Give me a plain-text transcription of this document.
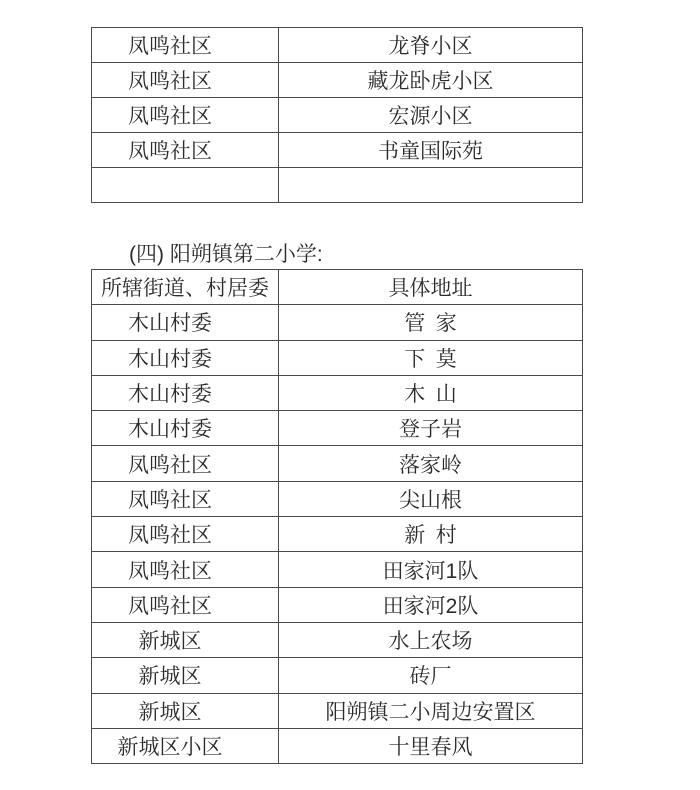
凤鸣社区	龙脊小区
凤鸣社区	藏龙卧虎小区
凤鸣社区	宏源小区
凤鸣社区	书童国际苑

(四) 阳朔镇第二小学:
所辖街道、村居委	具体地址
木山村委	管 家
木山村委	下 莫
木山村委	木 山
木山村委	登子岩
凤鸣社区	落家岭
凤鸣社区	尖山根
凤鸣社区	新 村
凤鸣社区	田家河1队
凤鸣社区	田家河2队
新城区	水上农场
新城区	砖厂
新城区	阳朔镇二小周边安置区
新城区小区	十里春风
